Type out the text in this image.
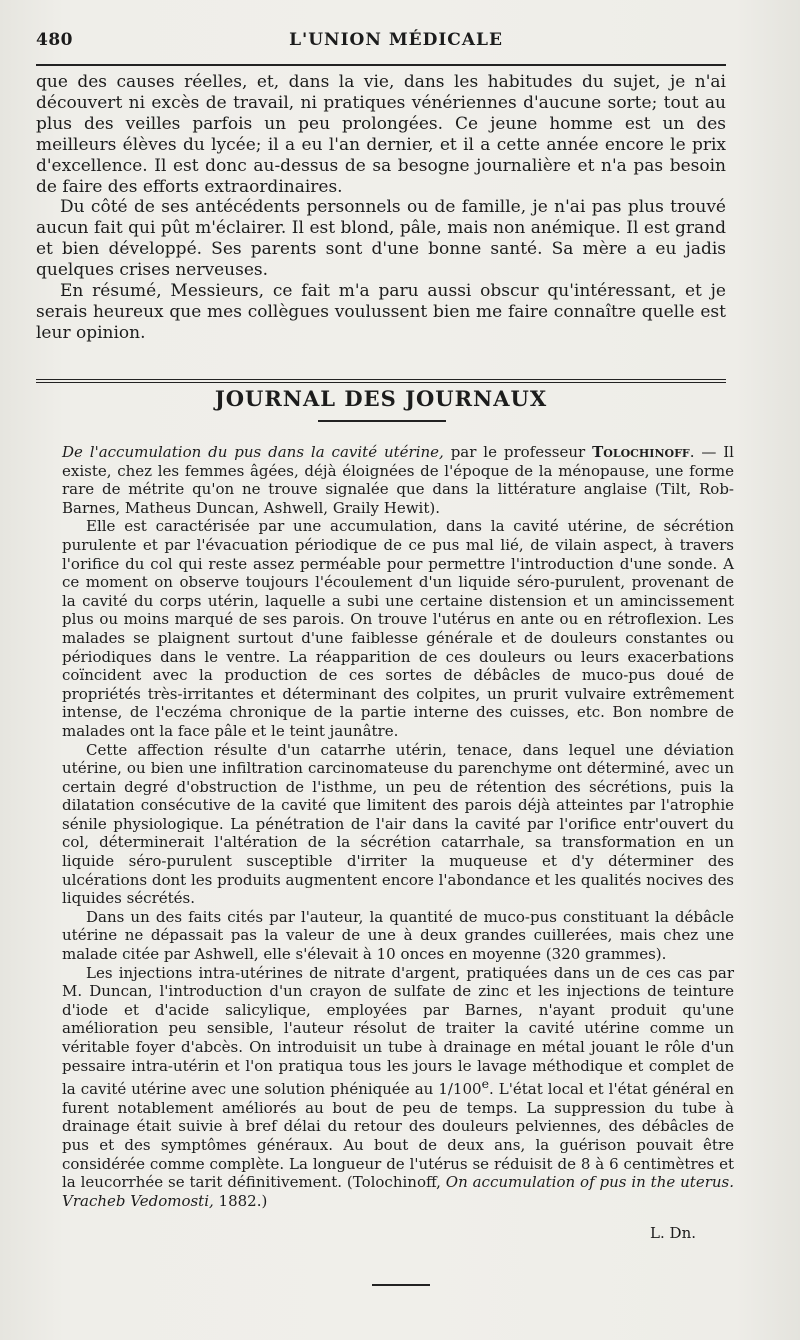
480	L'UNION MÉDICALE

que des causes réelles, et, dans la vie, dans les habitudes du sujet, je n'ai découvert ni excès de travail, ni pratiques vénériennes d'aucune sorte; tout au plus des veilles parfois un peu prolongées. Ce jeune homme est un des meilleurs élèves du lycée; il a eu l'an dernier, et il a cette année encore le prix d'excellence. Il est donc au-dessus de sa besogne journalière et n'a pas besoin de faire des efforts extraordinaires.

Du côté de ses antécédents personnels ou de famille, je n'ai pas plus trouvé aucun fait qui pût m'éclairer. Il est blond, pâle, mais non anémique. Il est grand et bien développé. Ses parents sont d'une bonne santé. Sa mère a eu jadis quelques crises nerveuses.

En résumé, Messieurs, ce fait m'a paru aussi obscur qu'intéressant, et je serais heureux que mes collègues voulussent bien me faire connaître quelle est leur opinion.

JOURNAL DES JOURNAUX

De l'accumulation du pus dans la cavité utérine, par le professeur Tolochinoff. — Il existe, chez les femmes âgées, déjà éloignées de l'époque de la ménopause, une forme rare de métrite qu'on ne trouve signalée que dans la littérature anglaise (Tilt, Rob-Barnes, Matheus Duncan, Ashwell, Graily Hewit).

Elle est caractérisée par une accumulation, dans la cavité utérine, de sécrétion purulente et par l'évacuation périodique de ce pus mal lié, de vilain aspect, à travers l'orifice du col qui reste assez perméable pour permettre l'introduction d'une sonde. A ce moment on observe toujours l'écoulement d'un liquide séro-purulent, provenant de la cavité du corps utérin, laquelle a subi une certaine distension et un amincissement plus ou moins marqué de ses parois. On trouve l'utérus en ante ou en rétroflexion. Les malades se plaignent surtout d'une faiblesse générale et de douleurs constantes ou périodiques dans le ventre. La réapparition de ces douleurs ou leurs exacerbations coïncident avec la production de ces sortes de débâcles de muco-pus doué de propriétés très-irritantes et déterminant des colpites, un prurit vulvaire extrêmement intense, de l'eczéma chronique de la partie interne des cuisses, etc. Bon nombre de malades ont la face pâle et le teint jaunâtre.

Cette affection résulte d'un catarrhe utérin, tenace, dans lequel une déviation utérine, ou bien une infiltration carcinomateuse du parenchyme ont déterminé, avec un certain degré d'obstruction de l'isthme, un peu de rétention des sécrétions, puis la dilatation consécutive de la cavité que limitent des parois déjà atteintes par l'atrophie sénile physiologique. La pénétration de l'air dans la cavité par l'orifice entr'ouvert du col, déterminerait l'altération de la sécrétion catarrhale, sa transformation en un liquide séro-purulent susceptible d'irriter la muqueuse et d'y déterminer des ulcérations dont les produits augmentent encore l'abondance et les qualités nocives des liquides sécrétés.

Dans un des faits cités par l'auteur, la quantité de muco-pus constituant la débâcle utérine ne dépassait pas la valeur de une à deux grandes cuillerées, mais chez une malade citée par Ashwell, elle s'élevait à 10 onces en moyenne (320 grammes).

Les injections intra-utérines de nitrate d'argent, pratiquées dans un de ces cas par M. Duncan, l'introduction d'un crayon de sulfate de zinc et les injections de teinture d'iode et d'acide salicylique, employées par Barnes, n'ayant produit qu'une amélioration peu sensible, l'auteur résolut de traiter la cavité utérine comme un véritable foyer d'abcès. On introduisit un tube à drainage en métal jouant le rôle d'un pessaire intra-utérin et l'on pratiqua tous les jours le lavage méthodique et complet de la cavité utérine avec une solution phéniquée au 1/100e. L'état local et l'état général en furent notablement améliorés au bout de peu de temps. La suppression du tube à drainage était suivie à bref délai du retour des douleurs pelviennes, des débâcles de pus et des symptômes généraux. Au bout de deux ans, la guérison pouvait être considérée comme complète. La longueur de l'utérus se réduisit de 8 à 6 centimètres et la leucorrhée se tarit définitivement. (Tolochinoff, On accumulation of pus in the uterus. Vracheb Vedomosti, 1882.)

L. Dn.
